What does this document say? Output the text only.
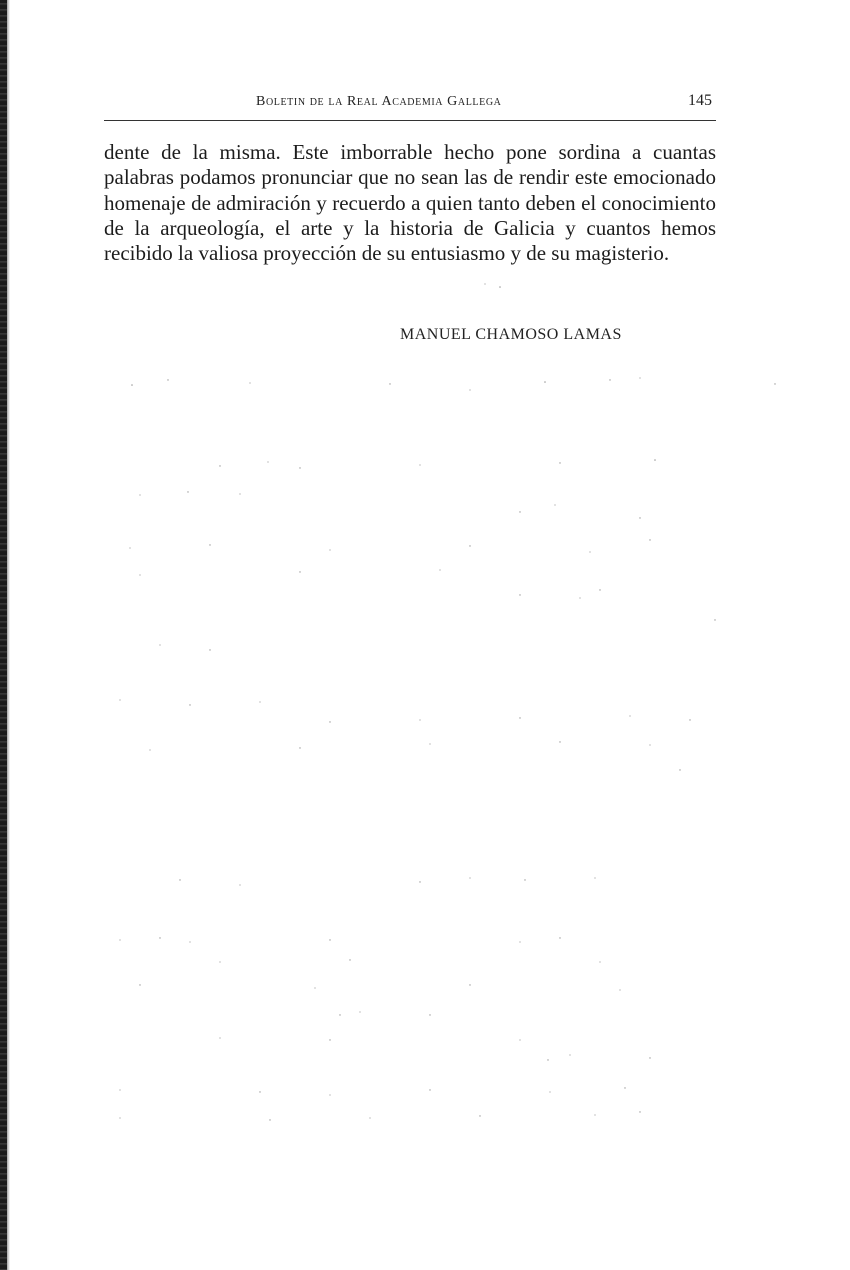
Boletin de la Real Academia Gallega	145

dente de la misma. Este imborrable hecho pone sordina a cuantas palabras podamos pronunciar que no sean las de rendir este emocionado homenaje de admiración y recuerdo a quien tanto deben el conocimiento de la arqueología, el arte y la historia de Galicia y cuantos hemos recibido la valiosa proyección de su entusiasmo y de su magisterio.

MANUEL CHAMOSO LAMAS
